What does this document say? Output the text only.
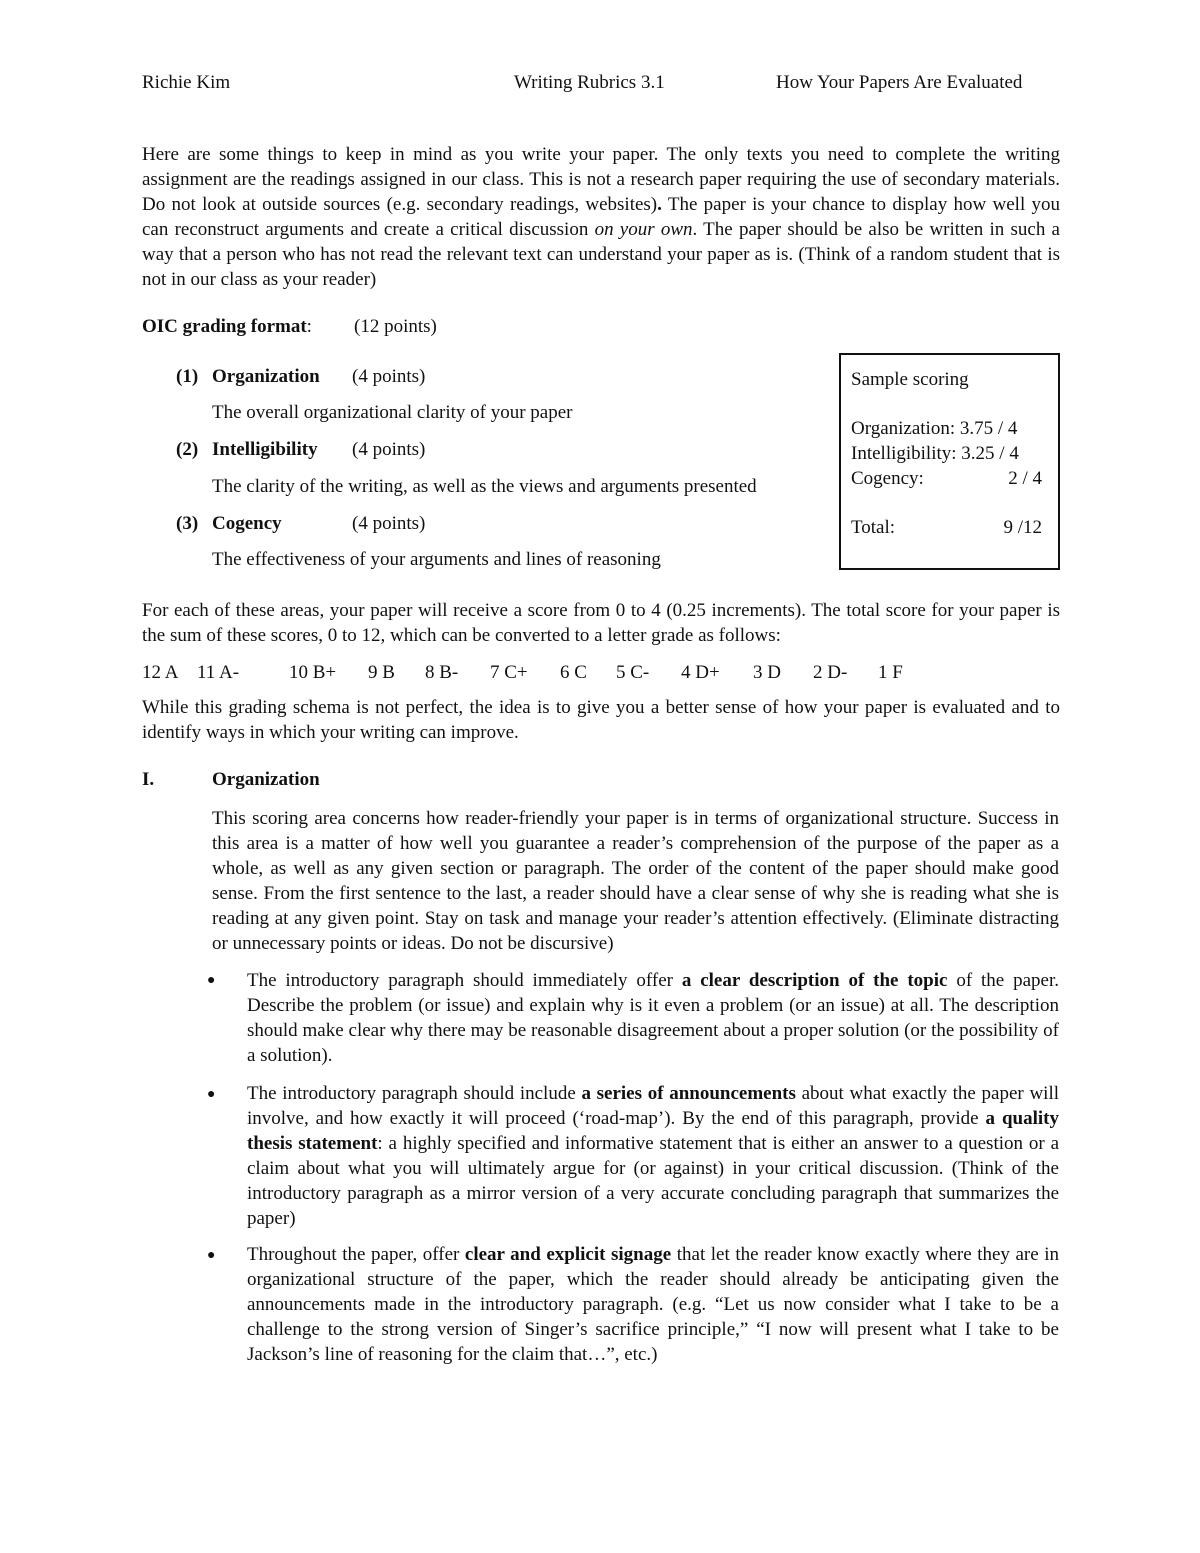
Richie Kim	Writing Rubrics 3.1	How Your Papers Are Evaluated
Here are some things to keep in mind as you write your paper. The only texts you need to complete the writing assignment are the readings assigned in our class. This is not a research paper requiring the use of secondary materials. Do not look at outside sources (e.g. secondary readings, websites). The paper is your chance to display how well you can reconstruct arguments and create a critical discussion on your own. The paper should be also be written in such a way that a person who has not read the relevant text can understand your paper as is. (Think of a random student that is not in our class as your reader)
OIC grading format: (12 points)
(1) Organization (4 points)
The overall organizational clarity of your paper
(2) Intelligibility (4 points)
The clarity of the writing, as well as the views and arguments presented
(3) Cogency	(4 points)
The effectiveness of your arguments and lines of reasoning
Sample scoring
Organization: 3.75 / 4
Intelligibility: 3.25 / 4
Cogency:	2 / 4
Total:	9 /12
For each of these areas, your paper will receive a score from 0 to 4 (0.25 increments). The total score for your paper is the sum of these scores, 0 to 12, which can be converted to a letter grade as follows:
12 A 11 A-	10 B+ 9 B 8 B- 7 C+ 6 C 5 C- 4 D+ 3 D 2 D- 1 F
While this grading schema is not perfect, the idea is to give you a better sense of how your paper is evaluated and to identify ways in which your writing can improve.
I.	Organization
This scoring area concerns how reader-friendly your paper is in terms of organizational structure. Success in this area is a matter of how well you guarantee a reader’s comprehension of the purpose of the paper as a whole, as well as any given section or paragraph. The order of the content of the paper should make good sense. From the first sentence to the last, a reader should have a clear sense of why she is reading what she is reading at any given point. Stay on task and manage your reader’s attention effectively. (Eliminate distracting or unnecessary points or ideas. Do not be discursive)
● The introductory paragraph should immediately offer a clear description of the topic of the paper. Describe the problem (or issue) and explain why is it even a problem (or an issue) at all. The description should make clear why there may be reasonable disagreement about a proper solution (or the possibility of a solution).
● The introductory paragraph should include a series of announcements about what exactly the paper will involve, and how exactly it will proceed (‘road-map’). By the end of this paragraph, provide a quality thesis statement: a highly specified and informative statement that is either an answer to a question or a claim about what you will ultimately argue for (or against) in your critical discussion. (Think of the introductory paragraph as a mirror version of a very accurate concluding paragraph that summarizes the paper)
● Throughout the paper, offer clear and explicit signage that let the reader know exactly where they are in organizational structure of the paper, which the reader should already be anticipating given the announcements made in the introductory paragraph. (e.g. “Let us now consider what I take to be a challenge to the strong version of Singer’s sacrifice principle,” “I now will present what I take to be Jackson’s line of reasoning for the claim that…”, etc.)
